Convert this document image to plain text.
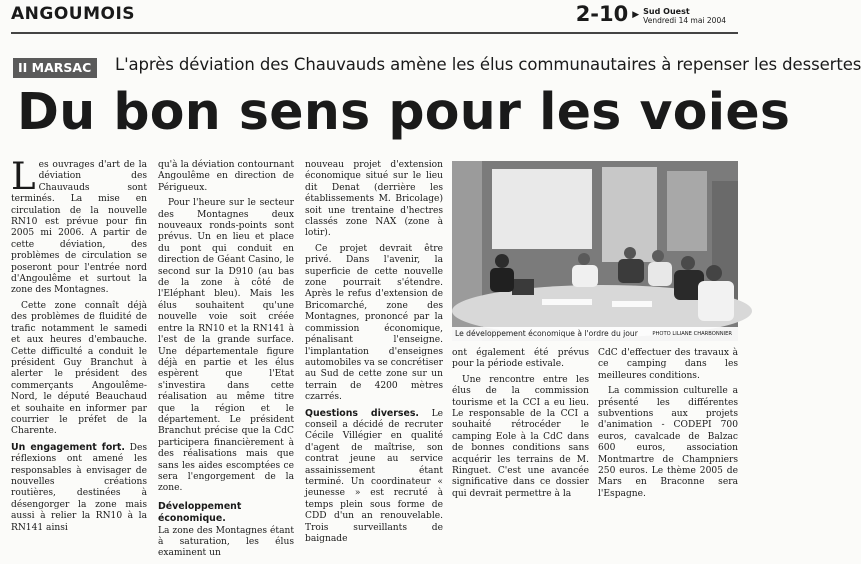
ANGOUMOIS	2-10 ▶ Sud Ouest
Vendredi 14 mai 2004
II MARSAC	L'après déviation des Chauvauds amène les élus communautaires à repenser les dessertes
Du bon sens pour les voies

Les ouvrages d'art de la déviation des Chauvauds sont terminés. La mise en circulation de la nouvelle RN10 est prévue pour fin 2005 mi 2006. A partir de cette déviation, des problèmes de circulation se poseront pour l'entrée nord d'Angoulême et surtout la zone des Montagnes.

Cette zone connaît déjà des problèmes de fluidité de trafic notamment le samedi et aux heures d'embauche. Cette difficulté a conduit le président Guy Branchut à alerter le président des commerçants Angoulême-Nord, le député Beauchaud et souhaite en informer par courrier le préfet de la Charente.

Un engagement fort. Des réflexions ont amené les responsables à envisager de nouvelles créations routières, destinées à désengorger la zone mais aussi à relier la RN10 à la RN141 ainsi

qu'à la déviation contournant Angoulême en direction de Périgueux.

Pour l'heure sur le secteur des Montagnes deux nouveaux ronds-points sont prévus. Un en lieu et place du pont qui conduit en direction de Géant Casino, le second sur la D910 (au bas de la zone à côté de l'Eléphant bleu). Mais les élus souhaitent qu'une nouvelle voie soit créée entre la RN10 et la RN141 à l'est de la grande surface. Une départementale figure déjà en partie et les élus espèrent que l'Etat s'investira dans cette réalisation au même titre que la région et le département. Le président Branchut précise que la CdC participera financièrement à des réalisations mais que sans les aides escomptées ce sera l'engorgement de la zone.

Développement économique.

La zone des Montagnes étant à saturation, les élus examinent un

nouveau projet d'extension économique situé sur le lieu dit Denat (derrière les établissements M. Bricolage) soit une trentaine d'hectres classés zone NAX (zone à lotir).

Ce projet devrait être privé. Dans l'avenir, la superficie de cette nouvelle zone pourrait s'étendre. Après le refus d'extension de Bricomarché, zone des Montagnes, prononcé par la commission économique, pénalisant l'enseigne. l'implantation d'enseignes automobiles va se concrétiser au Sud de cette zone sur un terrain de 4200 mètres czarrés.

Questions diverses. Le conseil a décidé de recruter Cécile Villégier en qualité d'agent de maîtrise, son contrat jeune au service assainissement étant terminé. Un coordinateur « jeunesse » est recruté à temps plein sous forme de CDD d'un an renouvelable. Trois surveillants de baignade

Le développement économique à l'ordre du jour	PHOTO LILIANE CHARBONNIER

ont également été prévus pour la période estivale.

Une rencontre entre les élus de la commission tourisme et la CCI a eu lieu. Le responsable de la CCI a souhaité rétrocéder le camping Eole à la CdC dans de bonnes conditions sans acquérir les terrains de M. Ringuet. C'est une avancée significative dans ce dossier qui devrait permettre à la

CdC d'effectuer des travaux à ce camping dans les meilleures conditions.

La commission culturelle a présenté les différentes subventions aux projets d'animation - CODEPI 700 euros, cavalcade de Balzac 600 euros, association Montmartre de Champniers 250 euros. Le thème 2005 de Mars en Braconne sera l'Espagne.
